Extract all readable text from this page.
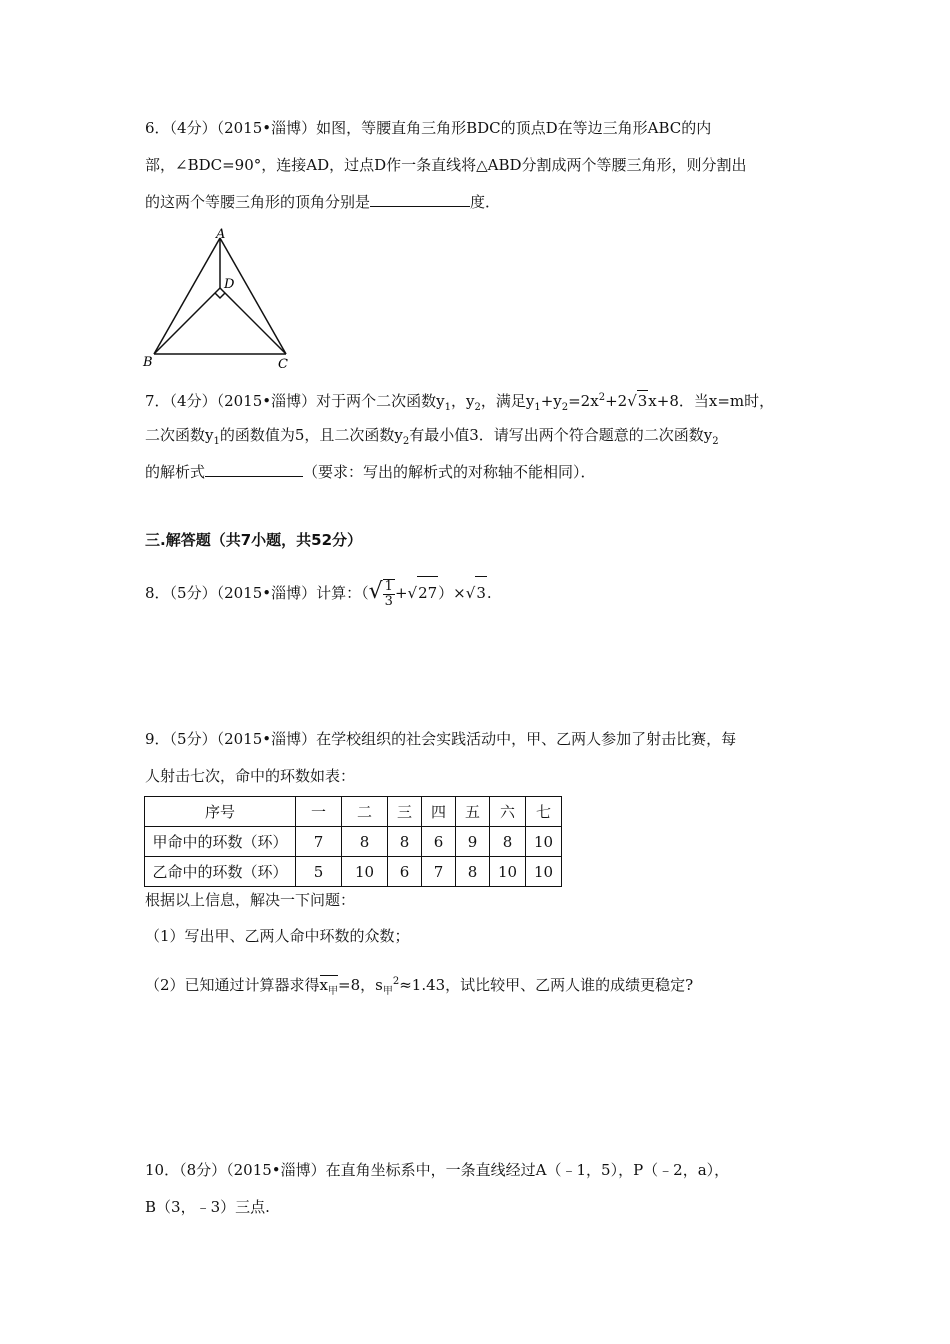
6．（4分）（2015•淄博）如图，等腰直角三角形BDC的顶点D在等边三角形ABC的内
部，∠BDC=90°，连接AD，过点D作一条直线将△ABD分割成两个等腰三角形，则分割出
的这两个等腰三角形的顶角分别是	度．
A
B	C
D
7．（4分）（2015•淄博）对于两个二次函数$y_1$，$y_2$，满足$y_1+y_2=2x^2+2√3x+8$．当x=m时，
二次函数$y_1$的函数值为5，且二次函数$y_2$有最小值3．请写出两个符合题意的二次函数$y_2$
的解析式	（要求：写出的解析式的对称轴不能相同）．
三.解答题（共7小题，共52分）
8．（5分）（2015•淄博）计算：（√ $\frac{1}{3} +√27)\times√3$.
9．（5分）（2015•淄博）在学校组织的社会实践活动中，甲、乙两人参加了射击比赛，每
人射击七次，命中的环数如表：
序号	一	二	三	四	五	六	七
甲命中的环数（环）	7	8	8	6	9	8	10
乙命中的环数（环）	5	10	6	7	8	10	10
根据以上信息，解决一下问题：
（1）写出甲、乙两人命中环数的众数；
（2）已知通过计算器求得$x_甲=8$，$s_甲^2\approx 1.43$，试比较甲、乙两人谁的成绩更稳定?
10．（8分）（2015•淄博）在直角坐标系中，一条直线经过A（﹣1，5），P（﹣2，a），
B（3，﹣3）三点.
